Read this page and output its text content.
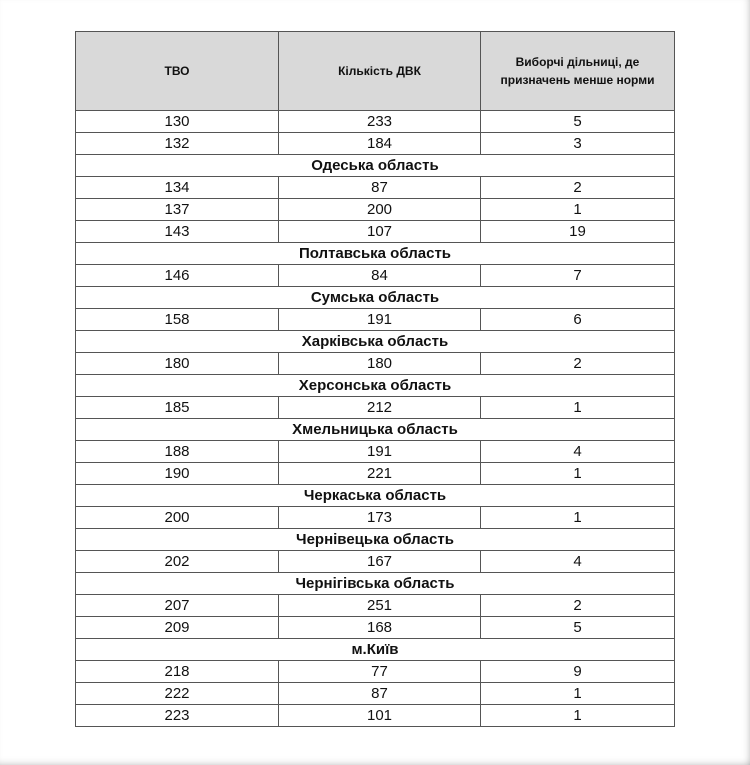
ТВО	Кількість ДВК	Виборчі дільниці, де призначень менше норми
130	233	5
132	184	3
Одеська область		
134	87	2
137	200	1
143	107	19
Полтавська область		
146	84	7
Сумська область		
158	191	6
Харківська область		
180	180	2
Херсонська область		
185	212	1
Хмельницька область		
188	191	4
190	221	1
Черкаська область		
200	173	1
Чернівецька область		
202	167	4
Чернігівська область		
207	251	2
209	168	5
м.Київ		
218	77	9
222	87	1
223	101	1
